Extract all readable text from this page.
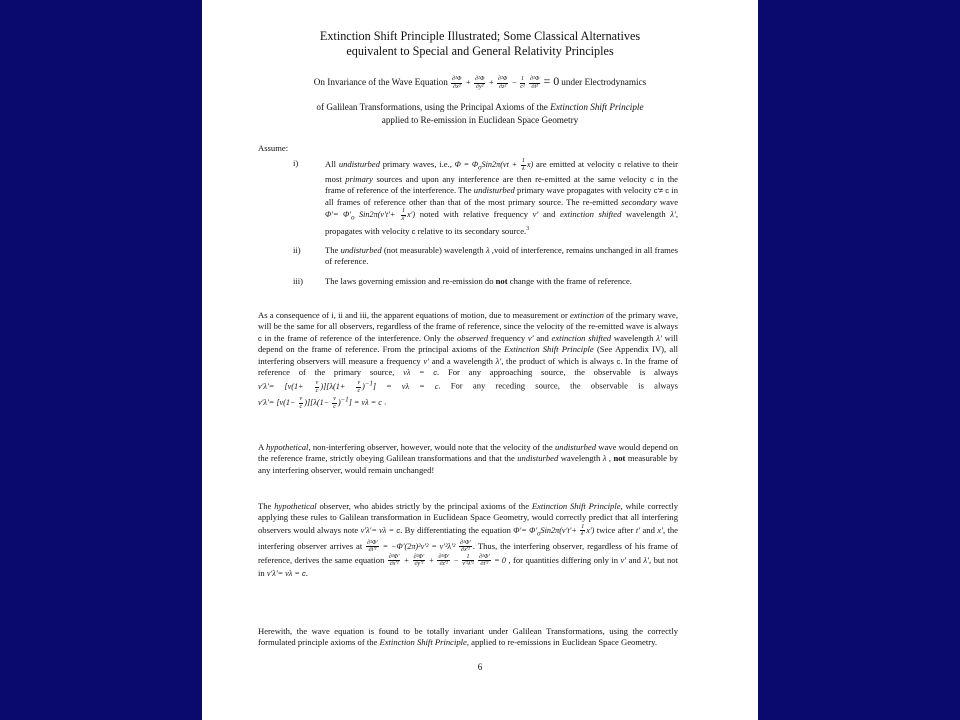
Extinction Shift Principle Illustrated; Some Classical Alternatives
equivalent to Special and General Relativity Principles
On Invariance of the Wave Equation $\frac{\text{∂²Φ}}{\text{∂x²}} + \frac{\text{∂²Φ}}{\text{∂y²}} + \frac{\text{∂²Φ}}{\text{∂z²}} - \frac{1}{\text{c²}}$
$\frac{\text{∂²Φ}}{\text{∂t²}} = 0$ under Electrodynamics
of Galilean Transformations, using the Principal Axioms of the Extinction Shift Principle
applied to Re-emission in Euclidean Space Geometry
Assume:
i)	All undisturbed primary waves, i.e., $\Phi = \Phi_oSin2\pi(\nu t + \frac{1}{\lambda} x)$ are emitted at velocity c relative to their most primary sources and upon any interference are then re-emitted at the same velocity c in the frame of reference of the interference. The undisturbed primary wave propagates with velocity c′≠ c in all frames of reference other than that of the most primary source. The re-emitted secondary wave $\Phi'= \Phi'_o$ $Sin2\pi(\nu't'+ \frac{1}{\lambda'} x')$ noted with relative frequency ν′ and extinction shifted wavelength λ′, propagates with velocity c relative to its secondary source.$^3$
ii)	The undisturbed (not measurable) wavelength λ ,void of interference, remains unchanged in all frames of reference.
iii)	The laws governing emission and re-emission do not change with the frame of reference.
As a consequence of i, ii and iii, the apparent equations of motion, due to measurement or extinction of the primary wave, will be the same for all observers, regardless of the frame of reference, since the velocity of the re-emitted wave is always c in the frame of reference of the interference. Only the observed frequency ν′ and extinction shifted wavelength λ′ will depend on the frame of reference. From the principal axioms of the Extinction Shift Principle (See Appendix IV), all interfering observers will measure a frequency ν′ and a wavelength λ′, the product of which is always c. In the frame of reference of the primary source, νλ = c. For any approaching source, the observable is always $\nu'\lambda'= [\nu(1+ \frac{v}{c} )][\lambda(1+ \frac{v}{c} )^{-1}] = \nu\lambda = c$. For any receding source, the observable is always $\nu'\lambda'= [\nu(1- \frac{v}{c} )][\lambda(1- \frac{v}{c} )^{-1}] = \nu\lambda = c$ .
A hypothetical, non-interfering observer, however, would note that the velocity of the undisturbed wave would depend on the reference frame, strictly obeying Galilean transformations and that the undisturbed wavelength λ , not measurable by any interfering observer, would remain unchanged!
The hypothetical observer, who abides strictly by the principal axioms of the Extinction Shift Principle, while correctly applying these rules to Galilean transformation in Euclidean Space Geometry, would correctly predict that all interfering observers would always note ν′λ′= νλ = c. By differentiating the equation $\Phi'= \Phi'_oSin2\pi(\nu't'+ \frac{1}{\lambda'} x')$ twice after t′ and x′, the interfering observer arrives at $\frac{\text{∂²Φ′}}{\text{∂t′²}} = -\Phi'(2\pi)^2\nu'^2 = \nu'^2\lambda'^2 \frac{\text{∂²Φ′}}{\text{∂x′²}}$ . Thus, the interfering observer, regardless of his frame of reference, derives the same equation $\frac{\text{∂²Φ′}}{\text{∂x′²}} + \frac{\text{∂²Φ′}}{\text{∂y′²}} + \frac{\text{∂²Φ′}}{\text{∂z′²}} - \frac{1}{\text{ν′²λ′²}}$
$\frac{\text{∂²Φ′}}{\text{∂t′²}} = 0$ , for quantities differing only in ν′ and λ′, but not in ν′λ′= νλ = c.
Herewith, the wave equation is found to be totally invariant under Galilean Transformations, using the correctly formulated principle axioms of the Extinction Shift Principle, applied to re-emissions in Euclidean Space Geometry.
6
